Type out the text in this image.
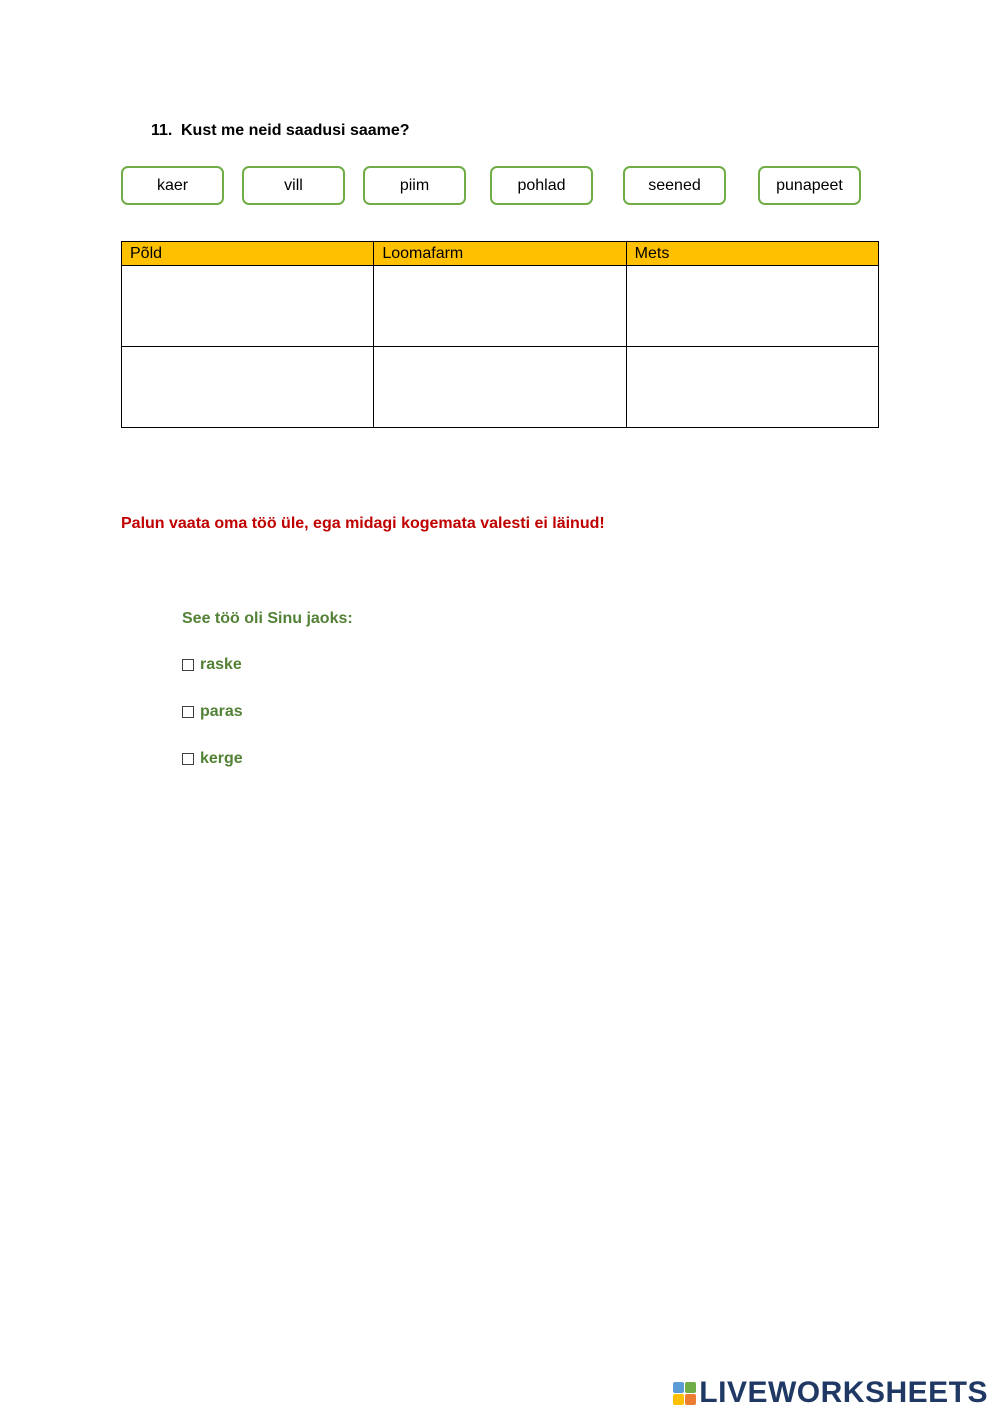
11. Kust me neid saadusi saame?
kaer	vill	piim	pohlad	seened	punapeet
Põld	Loomafarm	Mets

Palun vaata oma töö üle, ega midagi kogemata valesti ei läinud!
See töö oli Sinu jaoks:
raske
paras
kerge
LIVEWORKSHEETS
